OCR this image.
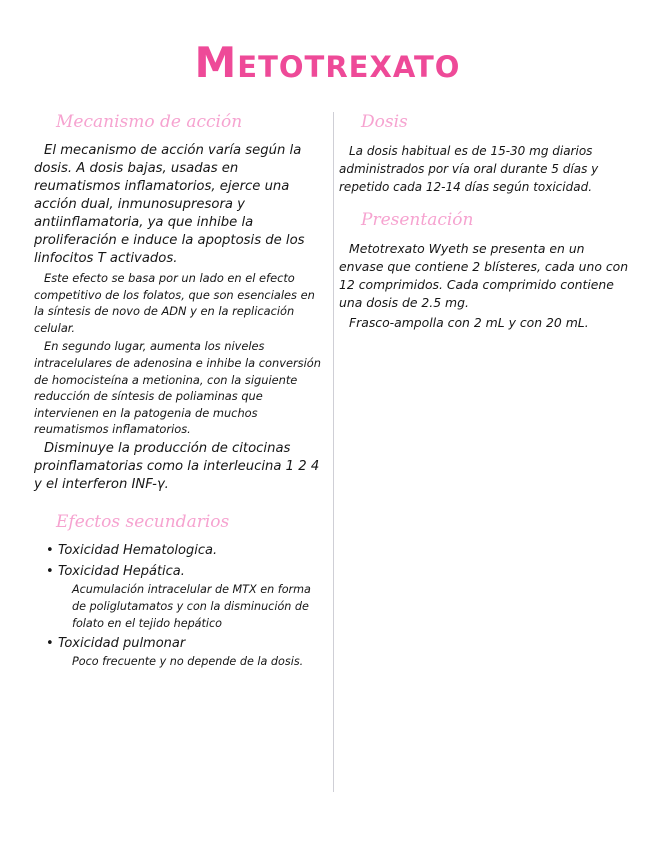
Metotrexato
Mecanismo de acción

El mecanismo de acción varía según la dosis. A dosis bajas, usadas en reumatismos inflamatorios, ejerce una acción dual, inmunosupresora y antiinflamatoria, ya que inhibe la proliferación e induce la apoptosis de los linfocitos T activados.

Este efecto se basa por un lado en el efecto competitivo de los folatos, que son esenciales en la síntesis de novo de ADN y en la replicación celular.

En segundo lugar, aumenta los niveles intracelulares de adenosina e inhibe la conversión de homocisteína a metionina, con la siguiente reducción de síntesis de poliaminas que intervienen en la patogenia de muchos reumatismos inflamatorios.

Disminuye la producción de citocinas proinflamatorias como la interleucina 1 2 4 y el interferon INF-γ.

Efectos secundarios
• Toxicidad Hematologica.
• Toxicidad Hepática.
Acumulación intracelular de MTX en forma de poliglutamatos y con la disminución de folato en el tejido hepático
• Toxicidad pulmonar
Poco frecuente y no depende de la dosis.
Dosis

La dosis habitual es de 15-30 mg diarios administrados por vía oral durante 5 días y repetido cada 12-14 días según toxicidad.

Presentación

Metotrexato Wyeth se presenta en un envase que contiene 2 blísteres, cada uno con 12 comprimidos. Cada comprimido contiene una dosis de 2.5 mg.

Frasco-ampolla con 2 mL y con 20 mL.
